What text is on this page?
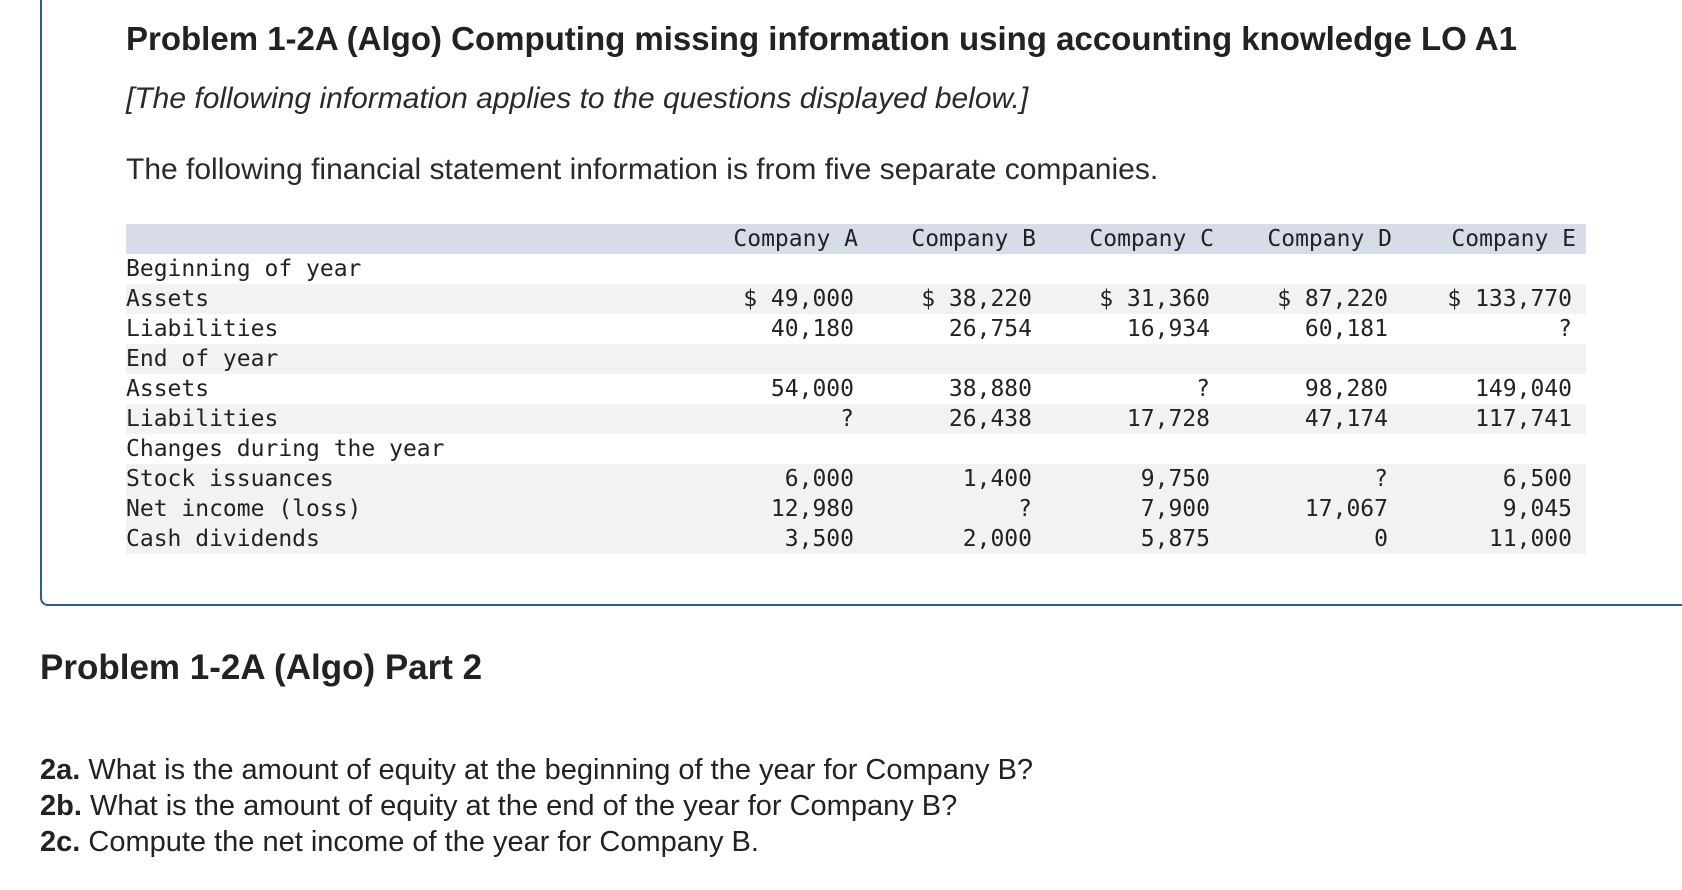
Problem 1-2A (Algo) Computing missing information using accounting knowledge LO A1

[The following information applies to the questions displayed below.]

The following financial statement information is from five separate companies.

	Company A	Company B	Company C	Company D	Company E
Beginning of year					
Assets	$ 49,000	$ 38,220	$ 31,360	$ 87,220	$ 133,770
Liabilities	40,180	26,754	16,934	60,181	?
End of year					
Assets	54,000	38,880	?	98,280	149,040
Liabilities	?	26,438	17,728	47,174	117,741
Changes during the year					
Stock issuances	6,000	1,400	9,750	?	6,500
Net income (loss)	12,980	?	7,900	17,067	9,045
Cash dividends	3,500	2,000	5,875	0	11,000
Problem 1-2A (Algo) Part 2
2a. What is the amount of equity at the beginning of the year for Company B?
2b. What is the amount of equity at the end of the year for Company B?
2c. Compute the net income of the year for Company B.
